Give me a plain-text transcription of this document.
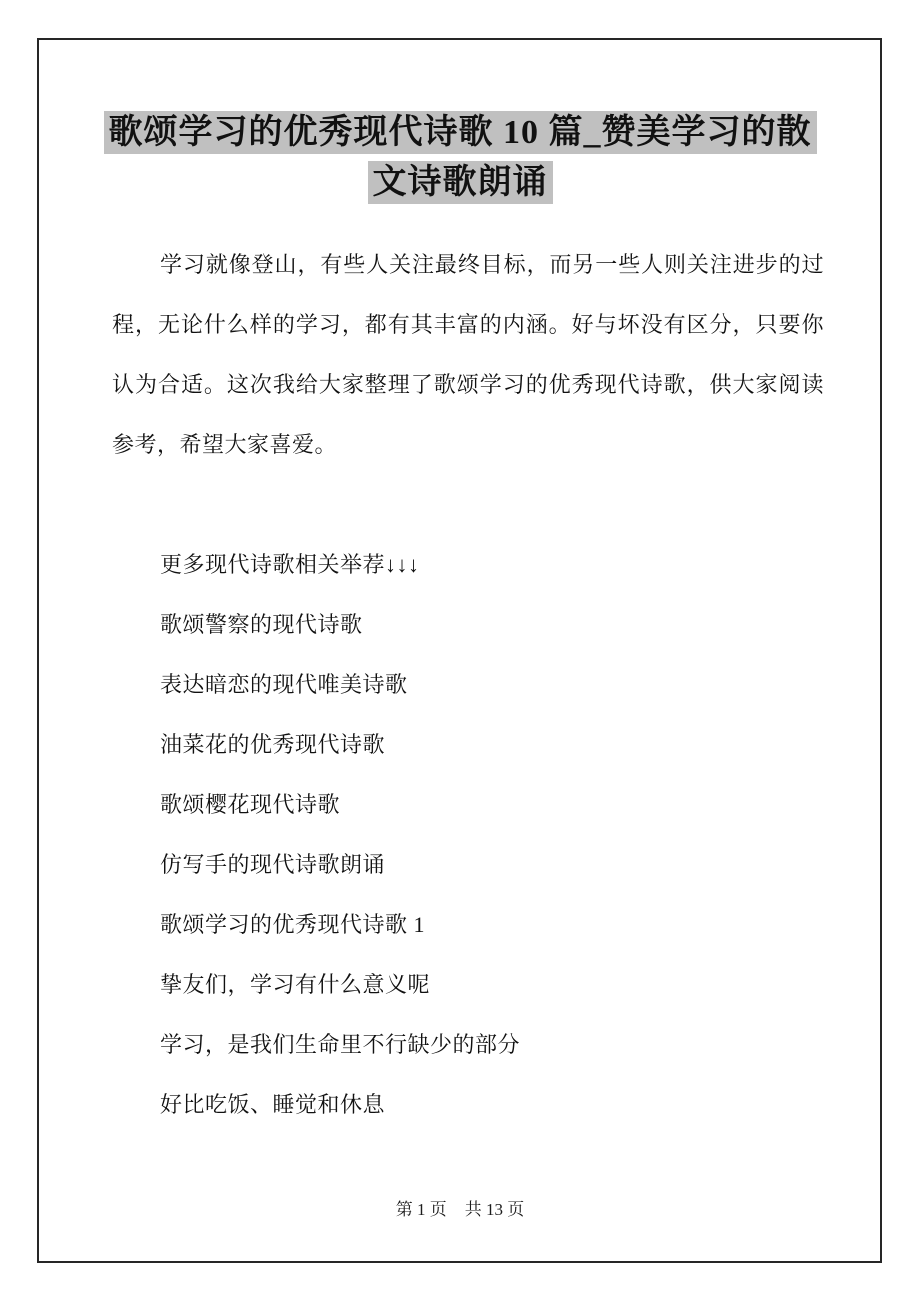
歌颂学习的优秀现代诗歌 10 篇_赞美学习的散
文诗歌朗诵

学习就像登山，有些人关注最终目标，而另一些人则关注进步的过程，无论什么样的学习，都有其丰富的内涵。好与坏没有区分，只要你认为合适。这次我给大家整理了歌颂学习的优秀现代诗歌，供大家阅读参考，希望大家喜爱。

更多现代诗歌相关举荐↓↓↓

歌颂警察的现代诗歌

表达暗恋的现代唯美诗歌

油菜花的优秀现代诗歌

歌颂樱花现代诗歌

仿写手的现代诗歌朗诵

歌颂学习的优秀现代诗歌 1

挚友们，学习有什么意义呢

学习，是我们生命里不行缺少的部分

好比吃饭、睡觉和休息

第 1 页 共 13 页
